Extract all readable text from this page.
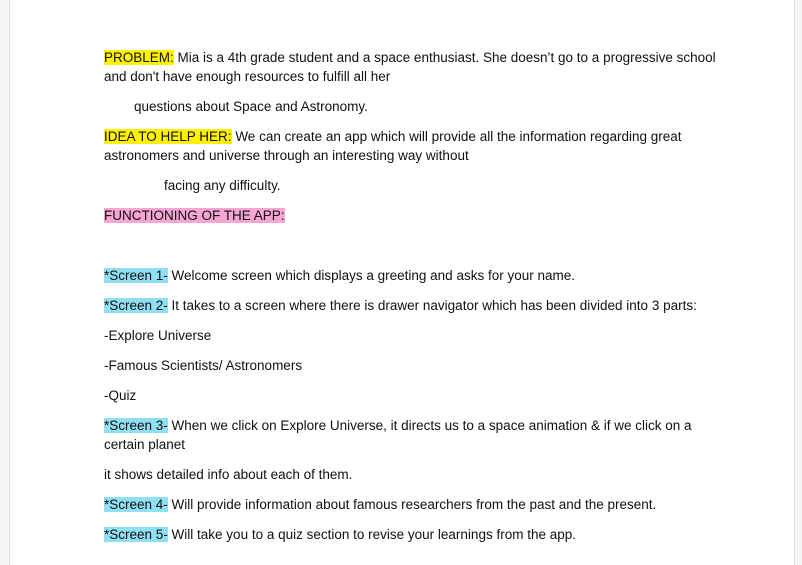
PROBLEM: Mia is a 4th grade student and a space enthusiast. She doesn’t go to a progressive school
and don't have enough resources to fulfill all her
questions about Space and Astronomy.
IDEA TO HELP HER: We can create an app which will provide all the information regarding great
astronomers and universe through an interesting way without
facing any difficulty.
FUNCTIONING OF THE APP:
*Screen 1- Welcome screen which displays a greeting and asks for your name.
*Screen 2- It takes to a screen where there is drawer navigator which has been divided into 3 parts:
-Explore Universe
-Famous Scientists/ Astronomers
-Quiz
*Screen 3- When we click on Explore Universe, it directs us to a space animation & if we click on a
certain planet
it shows detailed info about each of them.
*Screen 4- Will provide information about famous researchers from the past and the present.
*Screen 5- Will take you to a quiz section to revise your learnings from the app.
